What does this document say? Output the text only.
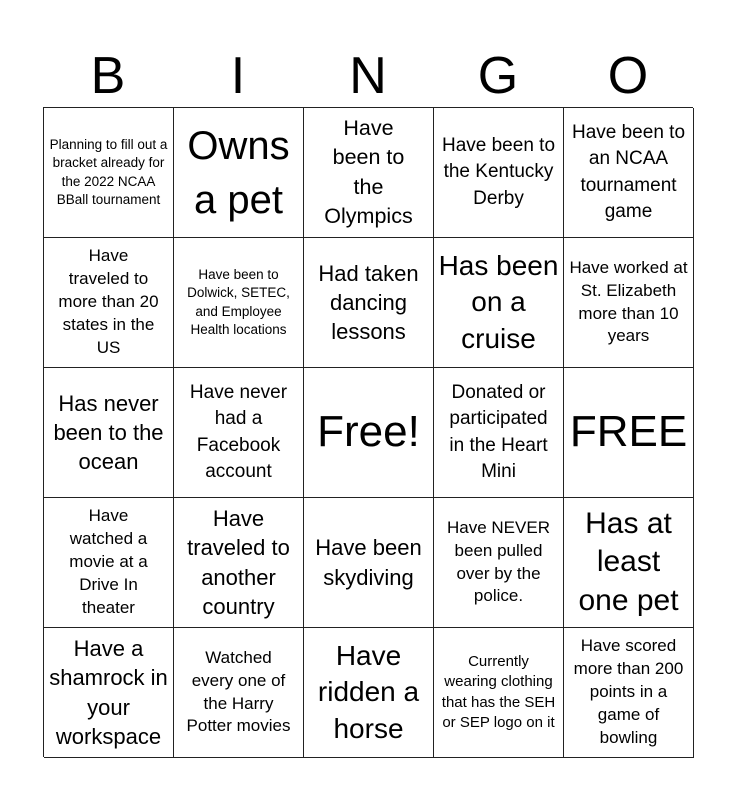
B	I	N	G	O
Planning to fill out a bracket already for the 2022 NCAA BBall tournament
Owns a pet
Have been to the Olympics
Have been to the Kentucky Derby
Have been to an NCAA tournament game
Have traveled to more than 20 states in the US
Have been to Dolwick, SETEC, and Employee Health locations
Had taken dancing lessons
Has been on a cruise
Have worked at St. Elizabeth more than 10 years
Has never been to the ocean
Have never had a Facebook account
Free!
Donated or participated in the Heart Mini
FREE
Have watched a movie at a Drive In theater
Have traveled to another country
Have been skydiving
Have NEVER been pulled over by the police.
Has at least one pet
Have a shamrock in your workspace
Watched every one of the Harry Potter movies
Have ridden a horse
Currently wearing clothing that has the SEH or SEP logo on it
Have scored more than 200 points in a game of bowling
